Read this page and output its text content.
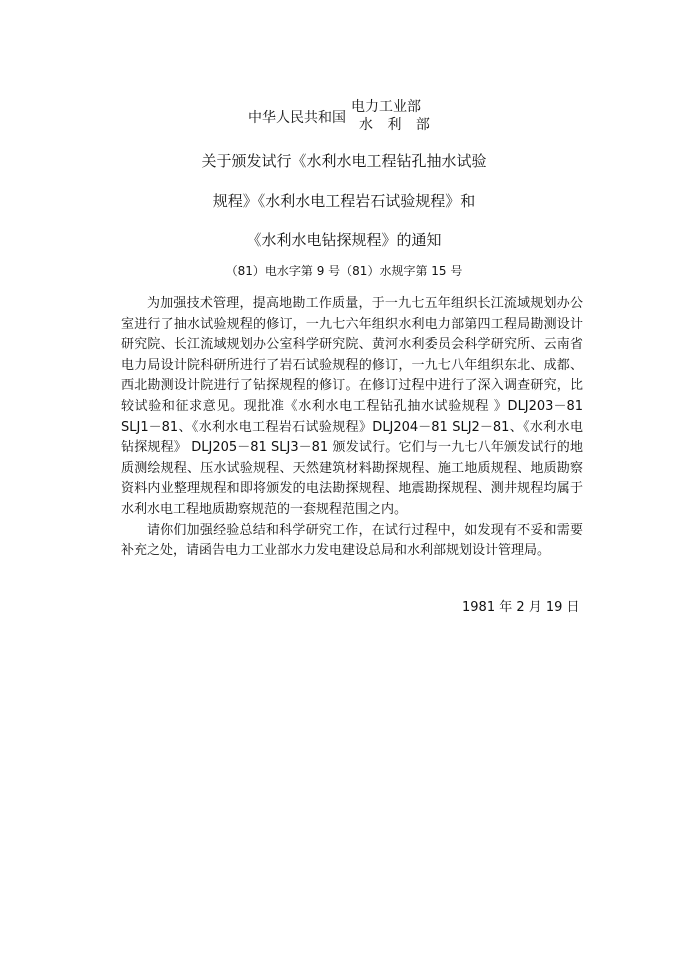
中华人民共和国
电力工业部
水 利 部
关于颁发试行《水利水电工程钻孔抽水试验
规程》《水利水电工程岩石试验规程》和
《水利水电钻探规程》的通知
（81）电水字第 9 号（81）水规字第 15 号

为加强技术管理，提高地勘工作质量，于一九七五年组织长江流域规划办公室进行了抽水试验规程的修订，一九七六年组织水利电力部第四工程局勘测设计研究院、长江流域规划办公室科学研究院、黄河水利委员会科学研究所、云南省电力局设计院科研所进行了岩石试验规程的修订，一九七八年组织东北、成都、西北勘测设计院进行了钻探规程的修订。在修订过程中进行了深入调查研究，比较试验和征求意见。现批准《水利水电工程钻孔抽水试验规程 》DLJ203－81 SLJ1－81、《水利水电工程岩石试验规程》DLJ204－81 SLJ2－81、《水利水电钻探规程》 DLJ205－81 SLJ3－81 颁发试行。它们与一九七八年颁发试行的地质测绘规程、压水试验规程、天然建筑材料勘探规程、施工地质规程、地质勘察资料内业整理规程和即将颁发的电法勘探规程、地震勘探规程、测井规程均属于水利水电工程地质勘察规范的一套规程范围之内。

请你们加强经验总结和科学研究工作，在试行过程中，如发现有不妥和需要补充之处，请函告电力工业部水力发电建设总局和水利部规划设计管理局。

1981 年 2 月 19 日
